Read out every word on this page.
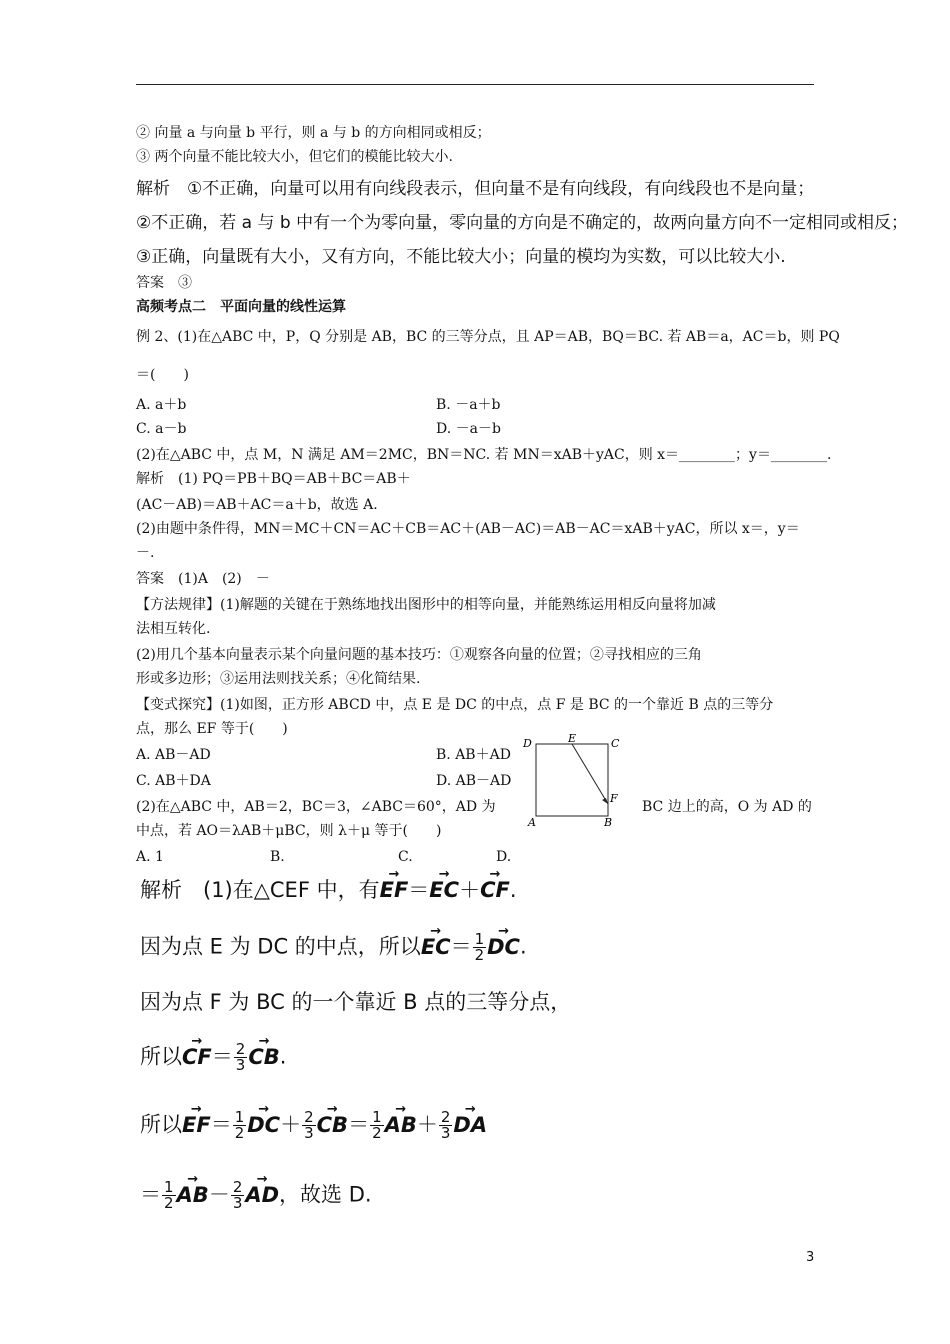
② 向量 a 与向量 b 平行，则 a 与 b 的方向相同或相反；
③ 两个向量不能比较大小，但它们的模能比较大小.
解析　①不正确，向量可以用有向线段表示，但向量不是有向线段，有向线段也不是向量；
②不正确，若 a 与 b 中有一个为零向量，零向量的方向是不确定的，故两向量方向不一定相同或相反；
③正确，向量既有大小，又有方向，不能比较大小；向量的模均为实数，可以比较大小.
答案　③
高频考点二　平面向量的线性运算
例 2、(1)在△ABC 中，P，Q 分别是 AB，BC 的三等分点，且 AP＝AB，BQ＝BC. 若 AB＝a，AC＝b，则 PQ
＝(　　)
A. a＋b	B. －a＋b
C. a－b	D. －a－b
(2)在△ABC 中，点 M，N 满足 AM＝2MC，BN＝NC. 若 MN＝xAB＋yAC，则 x＝________；y＝________.
解析　(1) PQ＝PB＋BQ＝AB＋BC＝AB＋
(AC－AB)＝AB＋AC＝a＋b，故选 A.
(2)由题中条件得，MN＝MC＋CN＝AC＋CB＝AC＋(AB－AC)＝AB－AC＝xAB＋yAC，所以 x＝，y＝
－.
答案　(1)A　(2)　－
【方法规律】(1)解题的关键在于熟练地找出图形中的相等向量，并能熟练运用相反向量将加减
法相互转化.
(2)用几个基本向量表示某个向量问题的基本技巧：①观察各向量的位置；②寻找相应的三角
形或多边形；③运用法则找关系；④化简结果.
【变式探究】(1)如图，正方形 ABCD 中，点 E 是 DC 的中点，点 F 是 BC 的一个靠近 B 点的三等分
点，那么 EF 等于(　　)
A. AB－AD	B. AB＋AD
C. AB＋DA	D. AB－AD
(2)在△ABC 中，AB＝2，BC＝3，∠ABC＝60°，AD 为	BC 边上的高，O 为 AD 的
中点，若 AO＝λAB＋μBC，则 λ＋μ 等于(　　)
A. 1	B.	C.	D.
D	E	C
F
A	B
解析　(1)在△CEF 中，有→ EF＝→ EC＋→ CF.
因为点 E 为 DC 的中点，所以→ $EC= \frac{1}{2}$
→ DC.
因为点 F 为 BC 的一个靠近 B 点的三等分点，
所以→ $CF= \frac{2}{3}$
→ CB.
所以→ $EF= \frac{1}{2}$
→ $DC+ \frac{2}{3}$
→ $CB= \frac{1}{2}$
→ $AB+ \frac{2}{3}$
→ DA
＝ $\frac{1}{2}$
→ $AB- \frac{2}{3}$
→ AD，故选 D.
3
